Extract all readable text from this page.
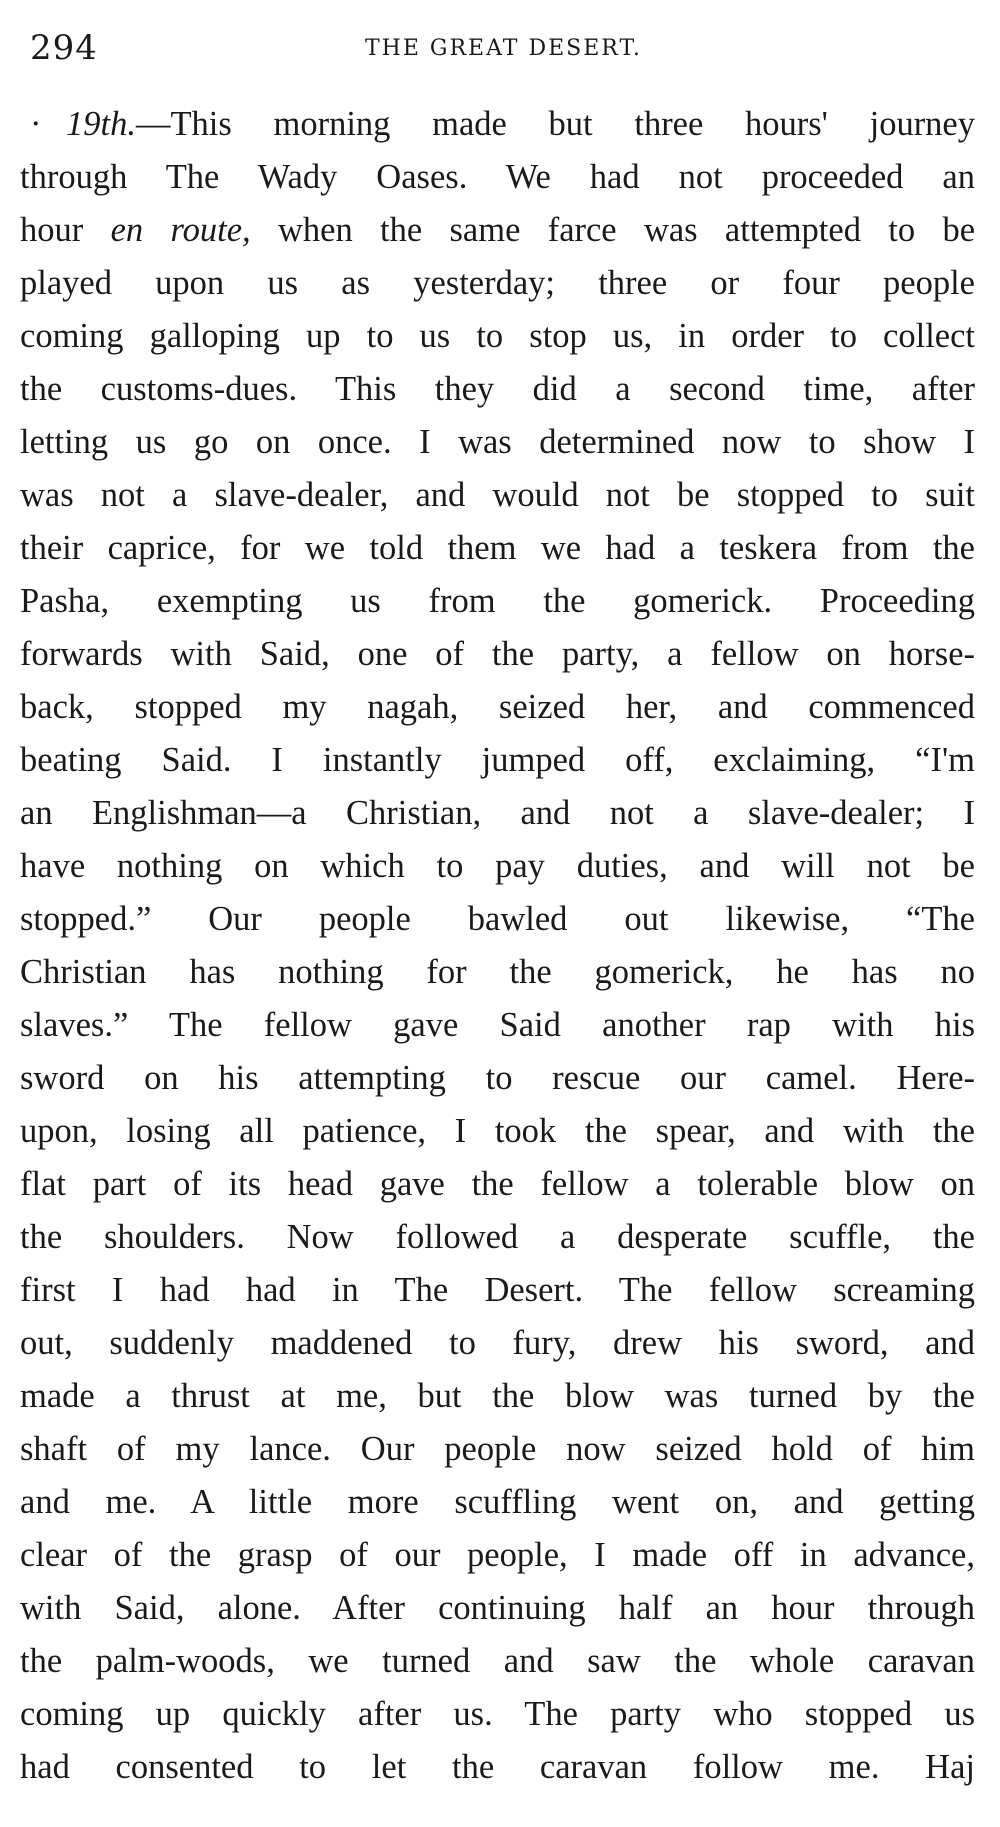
294	THE GREAT DESERT.
· 19th.—This morning made but three hours' journey
through The Wady Oases. We had not proceeded an
hour en route, when the same farce was attempted to be
played upon us as yesterday; three or four people
coming galloping up to us to stop us, in order to collect
the customs-dues. This they did a second time, after
letting us go on once. I was determined now to show I
was not a slave-dealer, and would not be stopped to suit
their caprice, for we told them we had a teskera from the
Pasha, exempting us from the gomerick. Proceeding
forwards with Said, one of the party, a fellow on horse-
back, stopped my nagah, seized her, and commenced
beating Said. I instantly jumped off, exclaiming, “I'm
an Englishman—a Christian, and not a slave-dealer; I
have nothing on which to pay duties, and will not be
stopped.” Our people bawled out likewise, “The
Christian has nothing for the gomerick, he has no
slaves.” The fellow gave Said another rap with his
sword on his attempting to rescue our camel. Here-
upon, losing all patience, I took the spear, and with the
flat part of its head gave the fellow a tolerable blow on
the shoulders. Now followed a desperate scuffle, the
first I had had in The Desert. The fellow screaming
out, suddenly maddened to fury, drew his sword, and
made a thrust at me, but the blow was turned by the
shaft of my lance. Our people now seized hold of him
and me. A little more scuffling went on, and getting
clear of the grasp of our people, I made off in advance,
with Said, alone. After continuing half an hour through
the palm-woods, we turned and saw the whole caravan
coming up quickly after us. The party who stopped us
had consented to let the caravan follow me. Haj
